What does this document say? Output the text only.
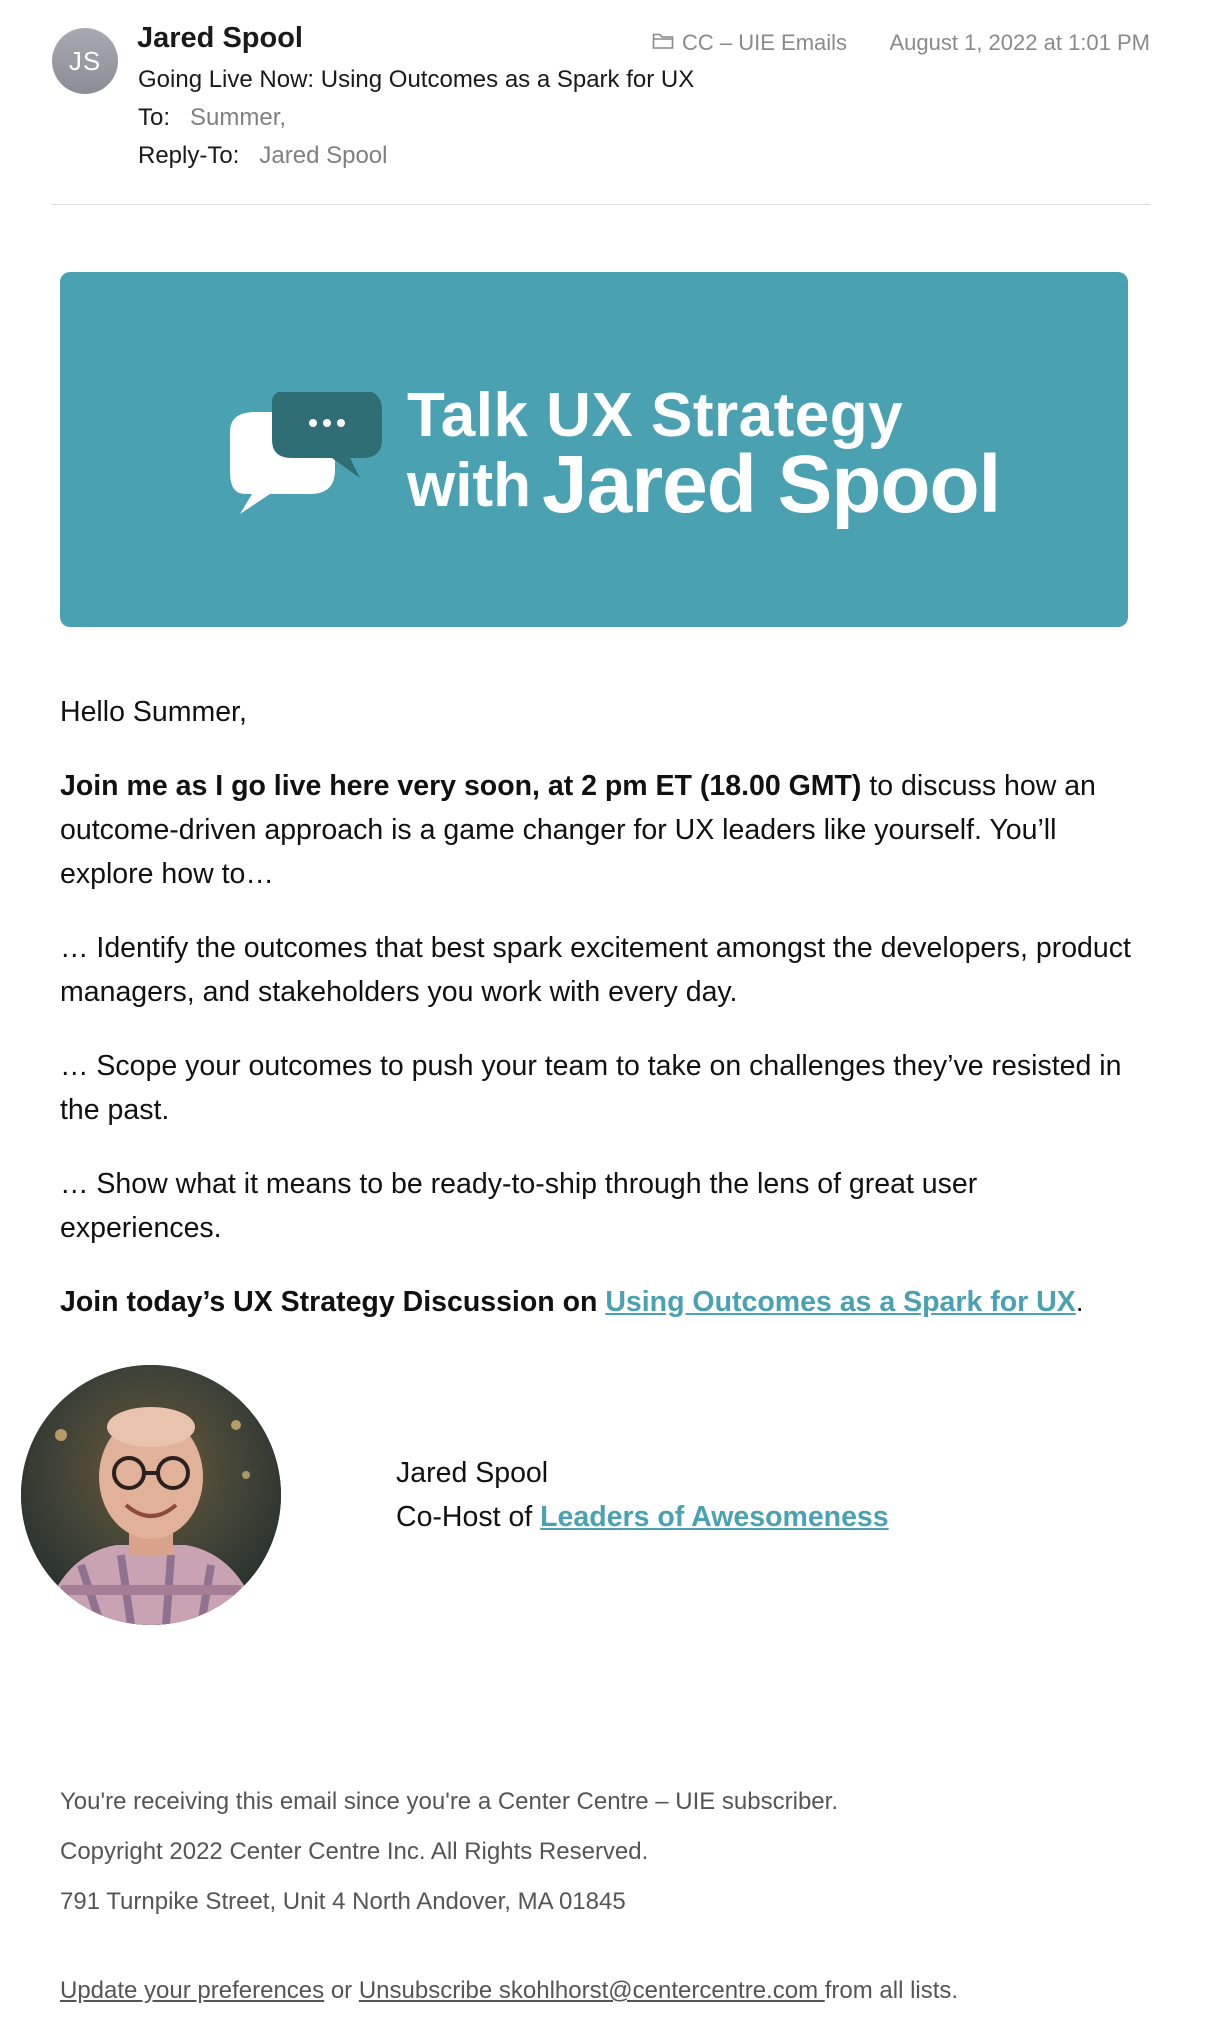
JS
Jared Spool
Going Live Now: Using Outcomes as a Spark for UX
To: Summer,
Reply-To: Jared Spool
CC – UIE Emails August 1, 2022 at 1:01 PM
Talk UX Strategy
with Jared Spool

Hello Summer,

Join me as I go live here very soon, at 2 pm ET (18.00 GMT) to discuss how an outcome-driven approach is a game changer for UX leaders like yourself. You’ll explore how to…

… Identify the outcomes that best spark excitement amongst the developers, product managers, and stakeholders you work with every day.

… Scope your outcomes to push your team to take on challenges they’ve resisted in the past.

… Show what it means to be ready-to-ship through the lens of great user experiences.

Join today’s UX Strategy Discussion on Using Outcomes as a Spark for UX.

Jared Spool
Co-Host of Leaders of Awesomeness
You're receiving this email since you're a Center Centre – UIE subscriber.
Copyright 2022 Center Centre Inc. All Rights Reserved.
791 Turnpike Street, Unit 4 North Andover, MA 01845
Update your preferences or Unsubscribe skohlhorst@centercentre.com from all lists.
